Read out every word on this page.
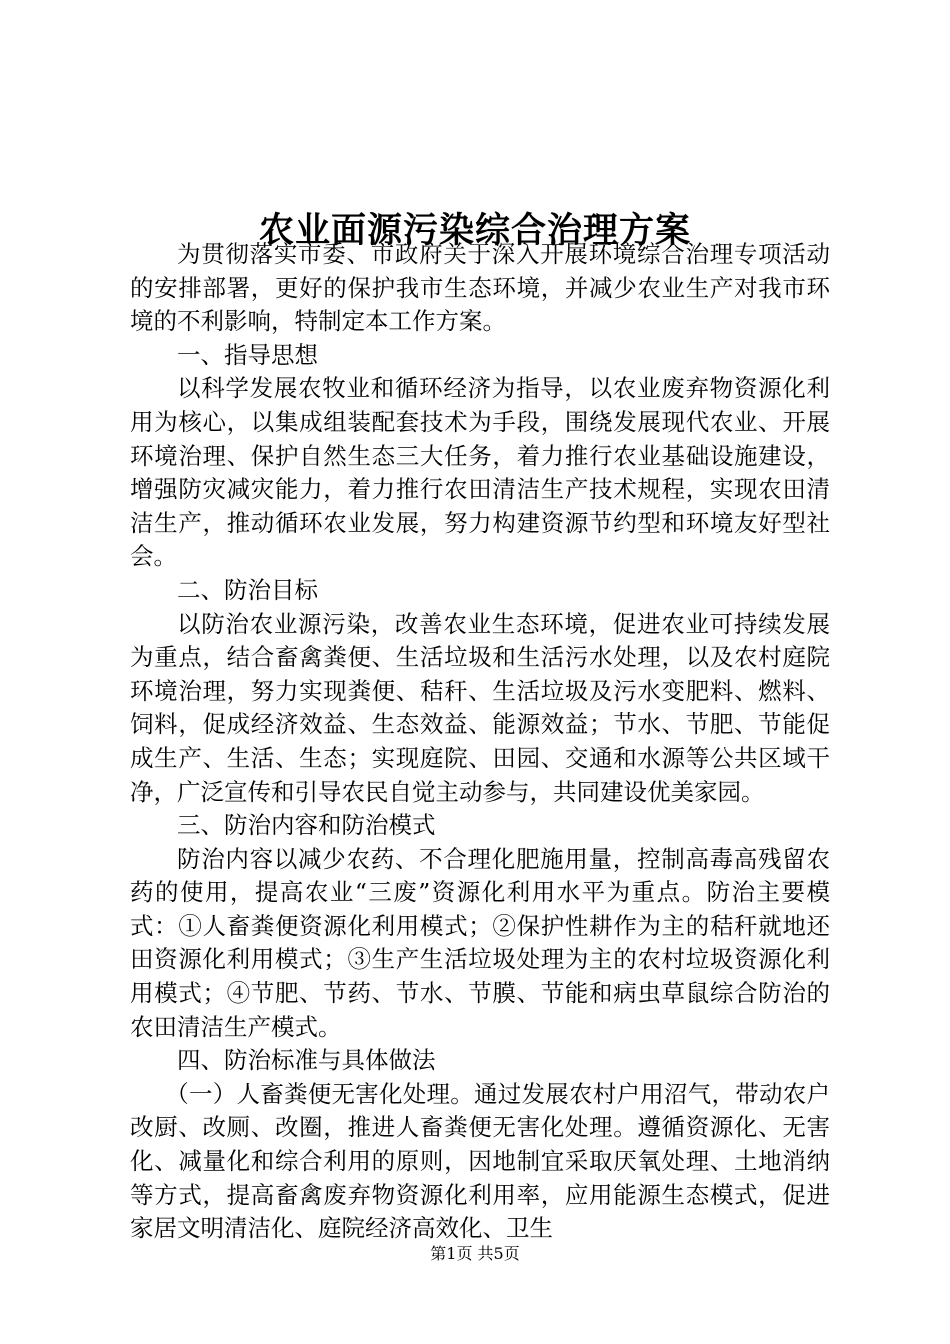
农业面源污染综合治理方案

为贯彻落实市委、市政府关于深入开展环境综合治理专项活动的安排部署，更好的保护我市生态环境，并减少农业生产对我市环境的不利影响，特制定本工作方案。

一、指导思想

以科学发展农牧业和循环经济为指导，以农业废弃物资源化利用为核心，以集成组装配套技术为手段，围绕发展现代农业、开展环境治理、保护自然生态三大任务，着力推行农业基础设施建设，增强防灾减灾能力，着力推行农田清洁生产技术规程，实现农田清洁生产，推动循环农业发展，努力构建资源节约型和环境友好型社会。

二、防治目标

以防治农业源污染，改善农业生态环境，促进农业可持续发展为重点，结合畜禽粪便、生活垃圾和生活污水处理，以及农村庭院环境治理，努力实现粪便、秸秆、生活垃圾及污水变肥料、燃料、饲料，促成经济效益、生态效益、能源效益；节水、节肥、节能促成生产、生活、生态；实现庭院、田园、交通和水源等公共区域干净，广泛宣传和引导农民自觉主动参与，共同建设优美家园。

三、防治内容和防治模式

防治内容以减少农药、不合理化肥施用量，控制高毒高残留农药的使用，提高农业“三废”资源化利用水平为重点。防治主要模式：①人畜粪便资源化利用模式；②保护性耕作为主的秸秆就地还田资源化利用模式；③生产生活垃圾处理为主的农村垃圾资源化利用模式；④节肥、节药、节水、节膜、节能和病虫草鼠综合防治的农田清洁生产模式。

四、防治标准与具体做法

（一）人畜粪便无害化处理。通过发展农村户用沼气，带动农户改厨、改厕、改圈，推进人畜粪便无害化处理。遵循资源化、无害化、减量化和综合利用的原则，因地制宜采取厌氧处理、土地消纳等方式，提高畜禽废弃物资源化利用率，应用能源生态模式，促进家居文明清洁化、庭院经济高效化、卫生

第1页 共5页
